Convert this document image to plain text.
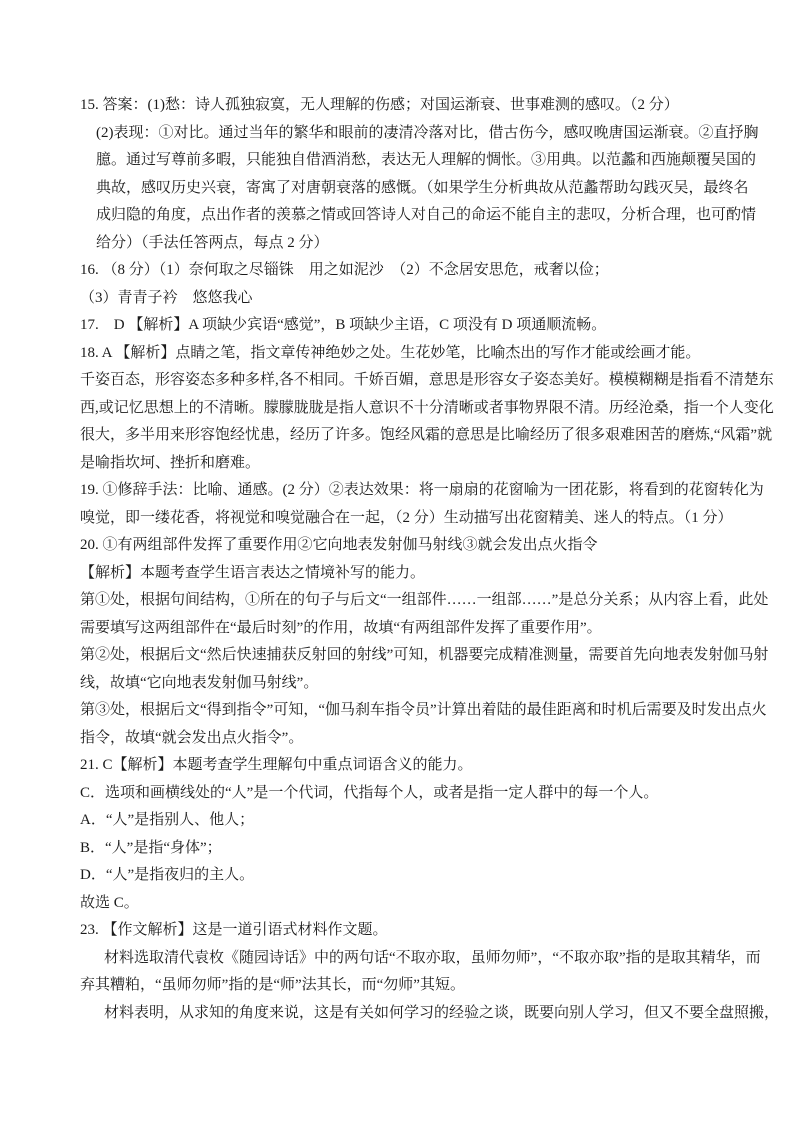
15. 答案：(1)愁：诗人孤独寂寞，无人理解的伤感；对国运渐衰、世事难测的感叹。（2 分）
(2)表现：①对比。通过当年的繁华和眼前的凄清冷落对比，借古伤今，感叹晚唐国运渐衰。②直抒胸
臆。通过写尊前多暇，只能独自借酒消愁，表达无人理解的惆怅。③用典。以范蠡和西施颠覆吴国的
典故，感叹历史兴衰，寄寓了对唐朝衰落的感慨。（如果学生分析典故从范蠡帮助勾践灭吴，最终名
成归隐的角度，点出作者的羡慕之情或回答诗人对自己的命运不能自主的悲叹，分析合理，也可酌情
给分）（手法任答两点，每点 2 分）
16. （8 分）（1）奈何取之尽锱铢　用之如泥沙　（2）不念居安思危，戒奢以俭；
（3）青青子衿　悠悠我心
17.　D 【解析】A 项缺少宾语“感觉”，B 项缺少主语，C 项没有 D 项通顺流畅。
18. A 【解析】点睛之笔，指文章传神绝妙之处。生花妙笔，比喻杰出的写作才能或绘画才能。
千姿百态，形容姿态多种多样,各不相同。千娇百媚，意思是形容女子姿态美好。模模糊糊是指看不清楚东
西,或记忆思想上的不清晰。朦朦胧胧是指人意识不十分清晰或者事物界限不清。历经沧桑，指一个人变化
很大，多半用来形容饱经忧患，经历了许多。饱经风霜的意思是比喻经历了很多艰难困苦的磨炼,“风霜”就
是喻指坎坷、挫折和磨难。
19. ①修辞手法：比喻、通感。(2 分）②表达效果：将一扇扇的花窗喻为一团花影，将看到的花窗转化为
嗅觉，即一缕花香，将视觉和嗅觉融合在一起，（2 分）生动描写出花窗精美、迷人的特点。（1 分）
20. ①有两组部件发挥了重要作用②它向地表发射伽马射线③就会发出点火指令
【解析】本题考查学生语言表达之情境补写的能力。
第①处，根据句间结构，①所在的句子与后文“一组部件……一组部……”是总分关系；从内容上看，此处
需要填写这两组部件在“最后时刻”的作用，故填“有两组部件发挥了重要作用”。
第②处，根据后文“然后快速捕获反射回的射线”可知，机器要完成精准测量，需要首先向地表发射伽马射
线，故填“它向地表发射伽马射线”。
第③处，根据后文“得到指令”可知，“伽马刹车指令员”计算出着陆的最佳距离和时机后需要及时发出点火
指令，故填“就会发出点火指令”。
21. C【解析】本题考查学生理解句中重点词语含义的能力。
C．选项和画横线处的“人”是一个代词，代指每个人，或者是指一定人群中的每一个人。
A．“人”是指别人、他人；
B．“人”是指“身体”；
D．“人”是指夜归的主人。
故选 C。
23. 【作文解析】这是一道引语式材料作文题。
材料选取清代袁枚《随园诗话》中的两句话“不取亦取，虽师勿师”，“不取亦取”指的是取其精华，而
弃其糟粕，“虽师勿师”指的是“师”法其长，而“勿师”其短。
材料表明，从求知的角度来说，这是有关如何学习的经验之谈，既要向别人学习，但又不要全盘照搬，
